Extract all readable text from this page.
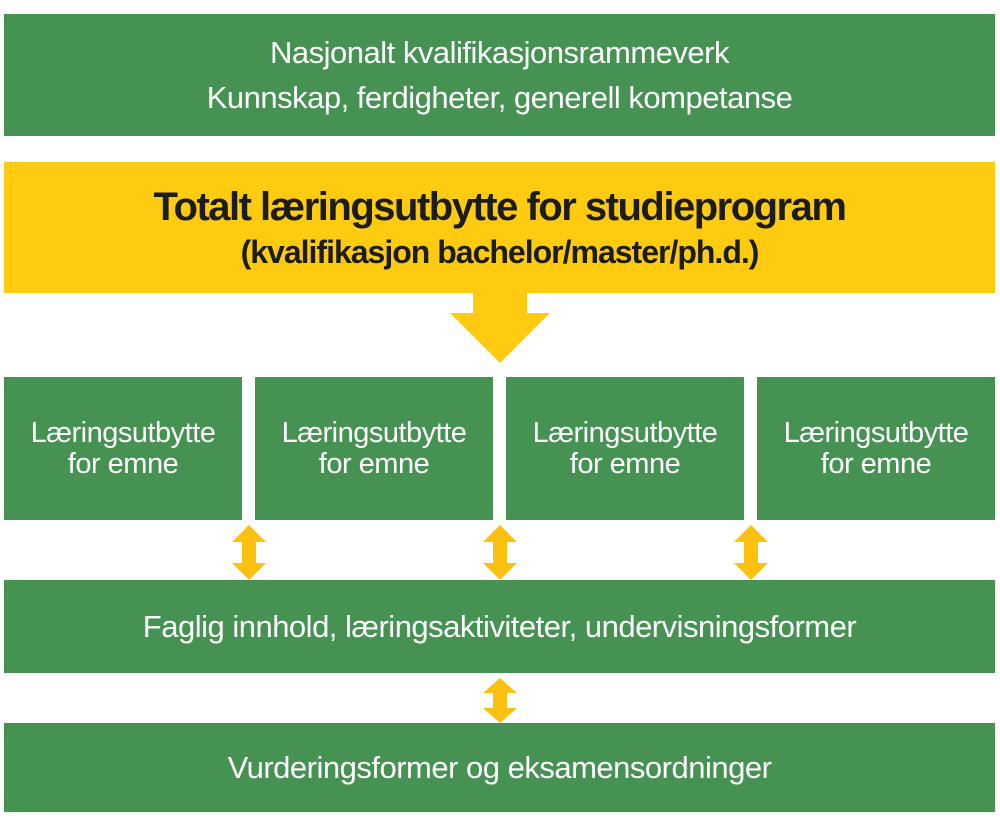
Nasjonalt kvalifikasjonsrammeverk
Kunnskap, ferdigheter, generell kompetanse
Totalt læringsutbytte for studieprogram
(kvalifikasjon bachelor/master/ph.d.)
Læringsutbytte
for emne
Læringsutbytte
for emne
Læringsutbytte
for emne
Læringsutbytte
for emne
Faglig innhold, læringsaktiviteter, undervisningsformer
Vurderingsformer og eksamensordninger
